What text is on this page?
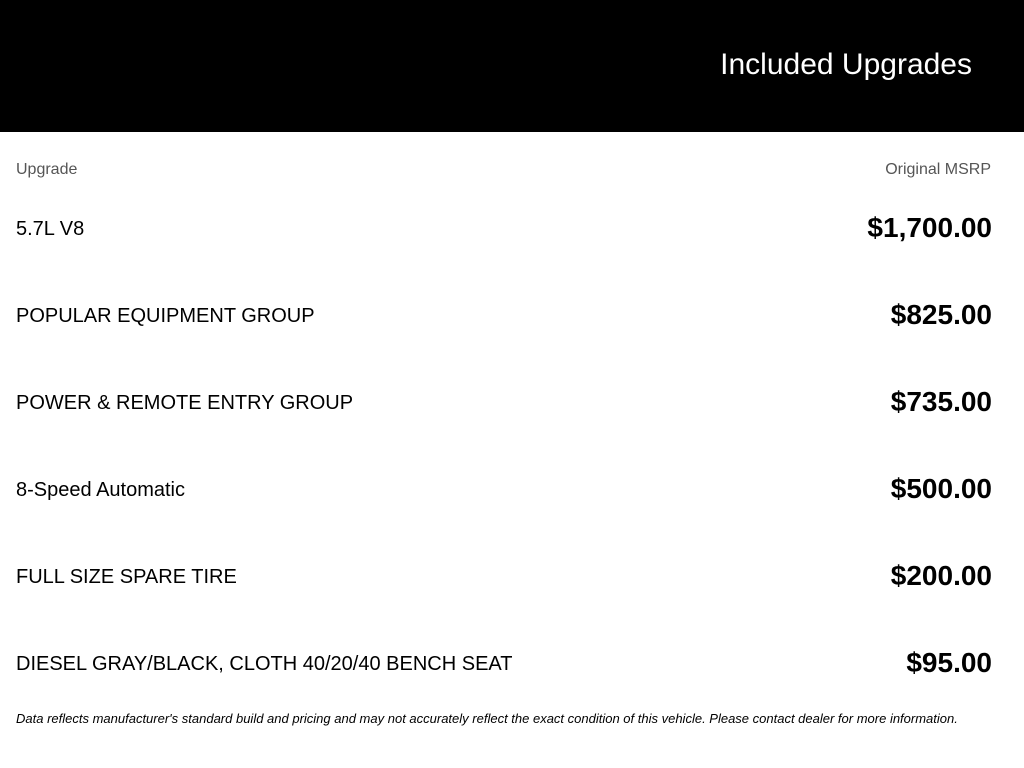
Included Upgrades
Upgrade	Original MSRP
5.7L V8	$1,700.00
POPULAR EQUIPMENT GROUP	$825.00
POWER & REMOTE ENTRY GROUP	$735.00
8-Speed Automatic	$500.00
FULL SIZE SPARE TIRE	$200.00
DIESEL GRAY/BLACK, CLOTH 40/20/40 BENCH SEAT	$95.00
Data reflects manufacturer's standard build and pricing and may not accurately reflect the exact condition of this vehicle. Please contact dealer for more information.
